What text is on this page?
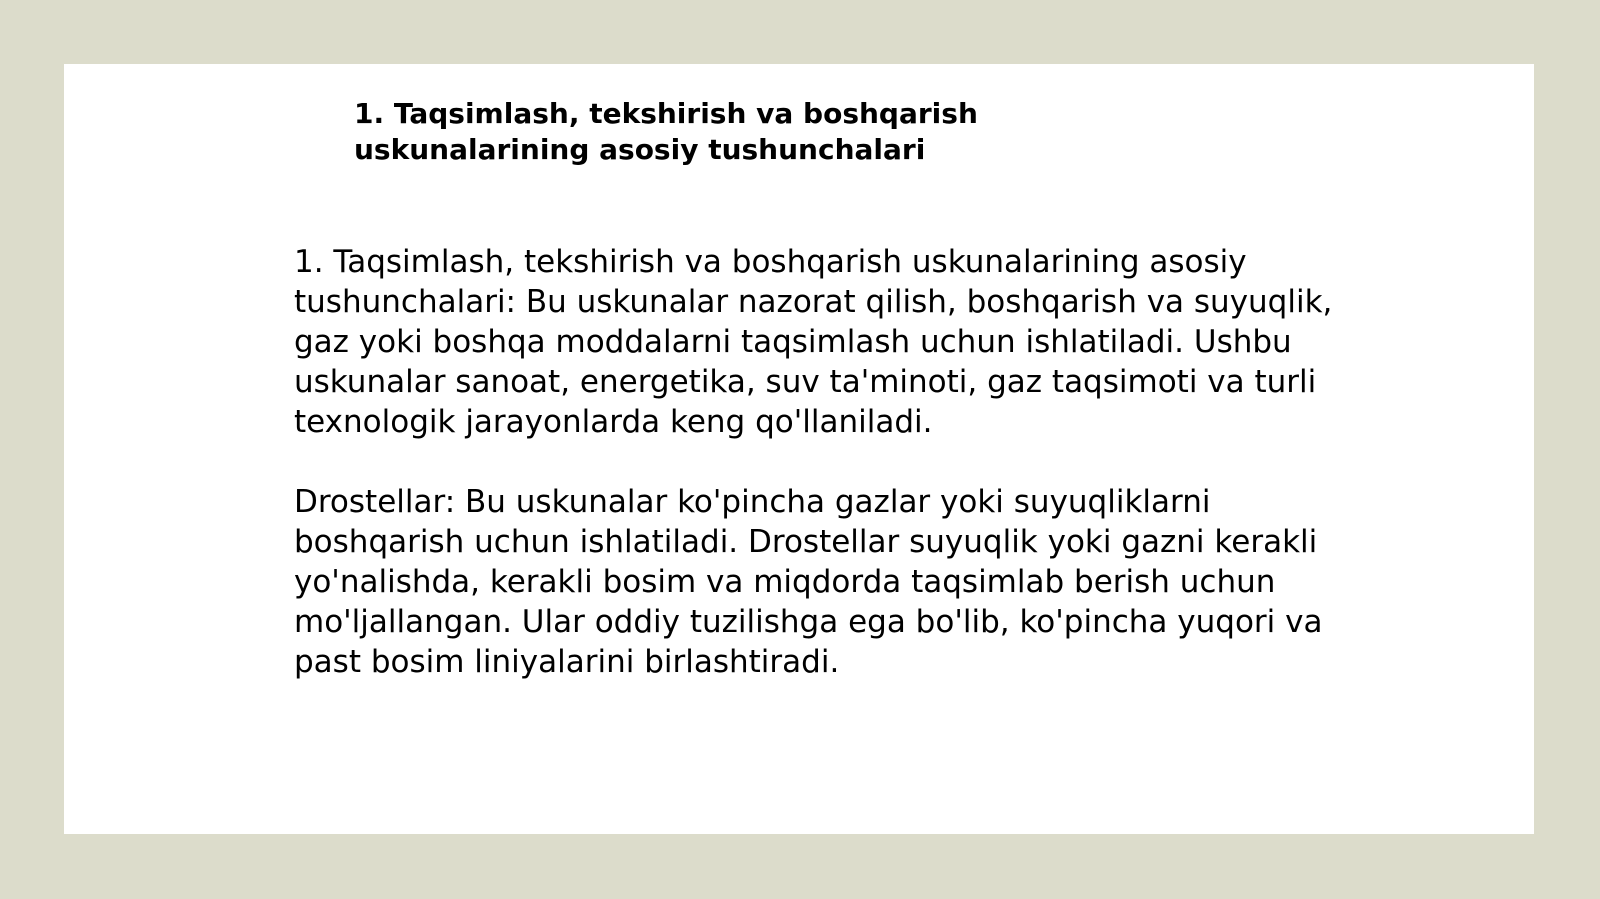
1. Taqsimlash, tekshirish va boshqarish uskunalarining asosiy tushunchalari

1. Taqsimlash, tekshirish va boshqarish uskunalarining asosiy tushunchalari: Bu uskunalar nazorat qilish, boshqarish va suyuqlik, gaz yoki boshqa moddalarni taqsimlash uchun ishlatiladi. Ushbu uskunalar sanoat, energetika, suv ta'minoti, gaz taqsimoti va turli texnologik jarayonlarda keng qo'llaniladi.

Drostellar: Bu uskunalar ko'pincha gazlar yoki suyuqliklarni boshqarish uchun ishlatiladi. Drostellar suyuqlik yoki gazni kerakli yo'nalishda, kerakli bosim va miqdorda taqsimlab berish uchun mo'ljallangan. Ular oddiy tuzilishga ega bo'lib, ko'pincha yuqori va past bosim liniyalarini birlashtiradi.
